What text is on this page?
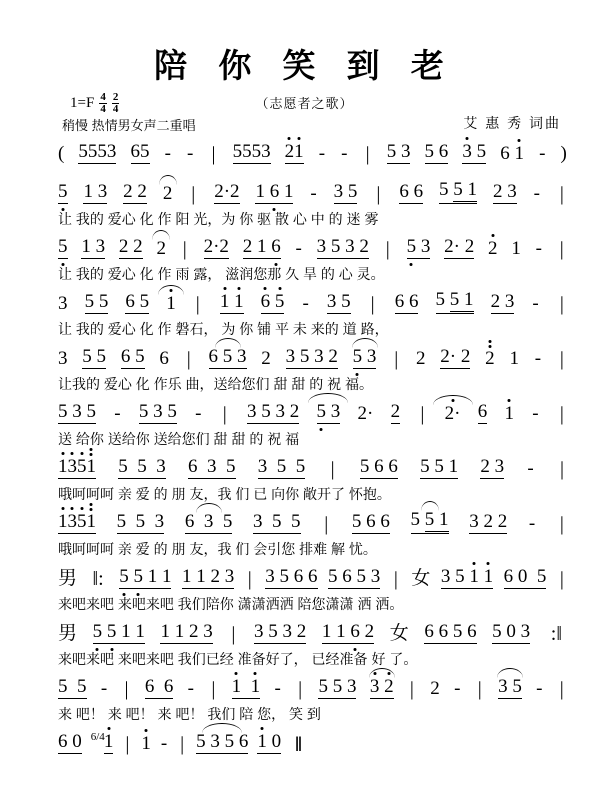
陪 你 笑 到 老
（志愿者之歌）
$1=F \frac{4}{4} \frac{2}{4}$
稍慢 热情男女声二重唱	艾 惠 秀 词曲
( 5553 65 - - | 5553 21 - - | 5 3 5 6 3 5 6 1 - )
5 1 3 2 2 2 | 2·2 1 6 1 - 3 5 | 6 6 5 5 1 2 3 - |
让 我的 爱心 化 作 阳 光，为 你 驱 散 心 中 的 迷 雾
5 1 3 2 2 2 | 2·2 2 1 6 - 3 5 3 2 | 5 3 2· 2 2 1 - |
让 我的 爱心 化 作 雨 露， 滋润您那 久 旱 的 心 灵。
3 5 5 6 5 1 | 1 1 6 5 - 3 5 | 6 6 5 5 1 2 3 - |
让 我的 爱心 化 作 磐石， 为 你 铺 平 未 来的 道 路，
3 5 5 6 5 6 | 6 5 3 2 3 5 3 2 5 3 | 2 2· 2 2 1 - |
让我的 爱心 化 作乐 曲，送给您们 甜 甜 的 祝 福。
5 3 5 - 5 3 5 - | 3 5 3 2 5 3 2· 2 | 2· 6 1 - |
送 给你 送给你 送给您们 甜 甜 的 祝 福
1351 5  5  3 6  3  5 3  5  5 | 5 6 6 5 5 1 2 3 - |
哦呵呵呵 亲 爱 的 朋 友，我 们 已 向你 敞开了 怀抱。
1351 5  5  3 6  3  5 3  5  5 | 5 6 6 5 5 1 3 2 2 - |
哦呵呵呵 亲 爱 的 朋 友，我 们 会引您 排难 解 忧。
男 ‖: 5 5 1 1 1 1 2 3 | 3 5 6 6 5 6 5 3 | 女 3 5 1 1 6 0  5 |
来吧来吧 来吧来吧 我们陪你 潇潇洒洒 陪您潇潇 洒 洒。
男 5 5 1 1 1 1 2 3 | 3 5 3 2 1 1 6 2 女 6 6 5 6 5 0 3 :‖
来吧来吧 来吧来吧 我们已经 准备好了， 已经准备 好 了。
5  5 - | 6  6 - | 1 1 - | 5 5 3 3 2 | 2 - | 3 5 - |
来 吧！ 来 吧！ 来 吧！ 我们 陪 您， 笑 到
6 0 6/41 | 1 - | 5 3 5 6 1 0 ‖
